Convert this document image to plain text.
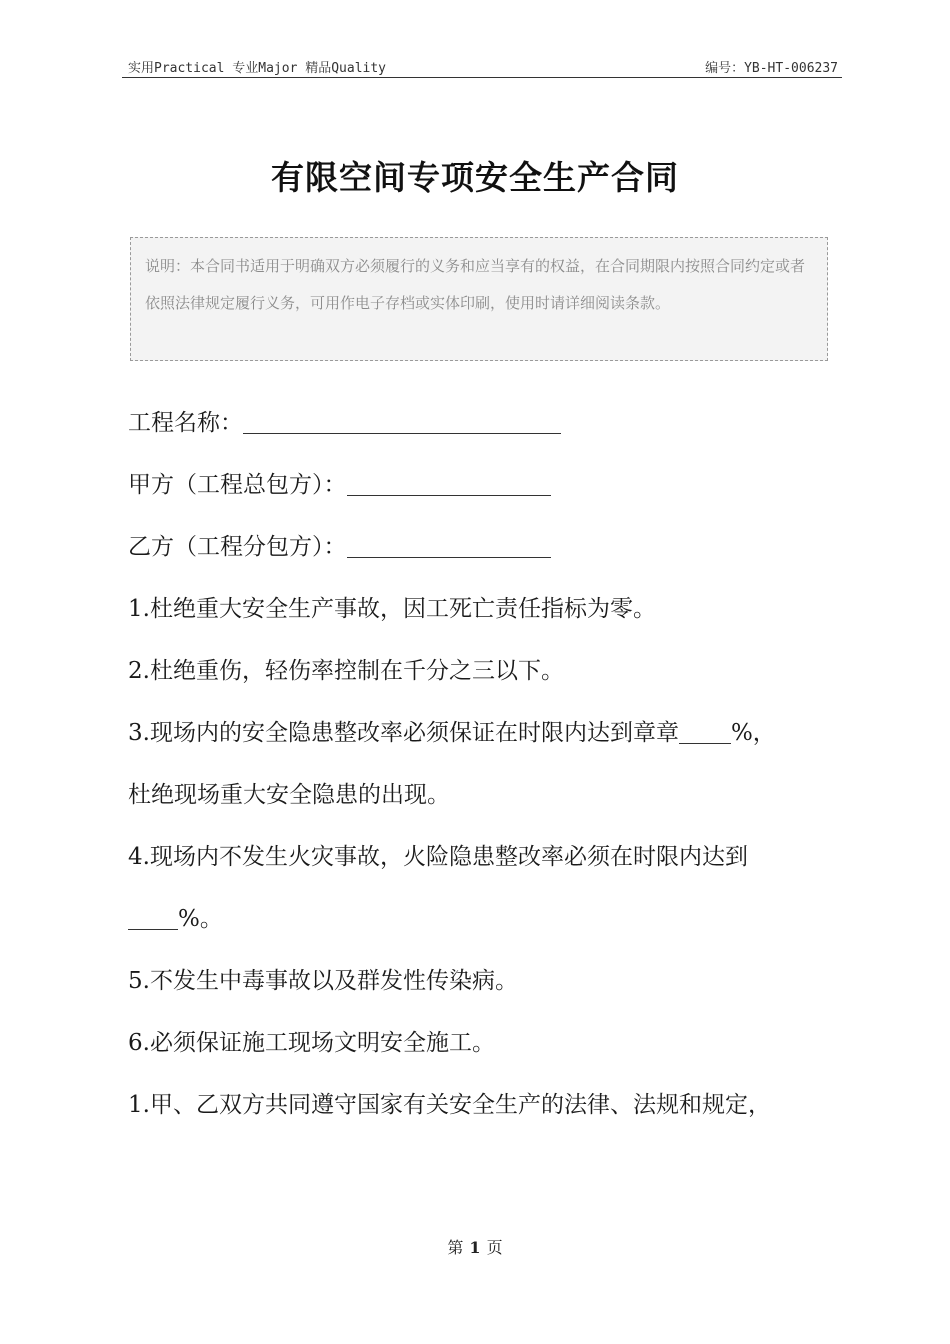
实用Practical 专业Major 精品Quality	编号：YB-HT-006237
有限空间专项安全生产合同
说明：本合同书适用于明确双方必须履行的义务和应当享有的权益，在合同期限内按照合同约定或者依照法律规定履行义务，可用作电子存档或实体印刷，使用时请详细阅读条款。

工程名称：

甲方（工程总包方）：

乙方（工程分包方）：

1.杜绝重大安全生产事故，因工死亡责任指标为零。

2.杜绝重伤，轻伤率控制在千分之三以下。

3.现场内的安全隐患整改率必须保证在时限内达到章章 %，

杜绝现场重大安全隐患的出现。

4.现场内不发生火灾事故，火险隐患整改率必须在时限内达到

%。

5.不发生中毒事故以及群发性传染病。

6.必须保证施工现场文明安全施工。

1.甲、乙双方共同遵守国家有关安全生产的法律、法规和规定，

第 1 页
